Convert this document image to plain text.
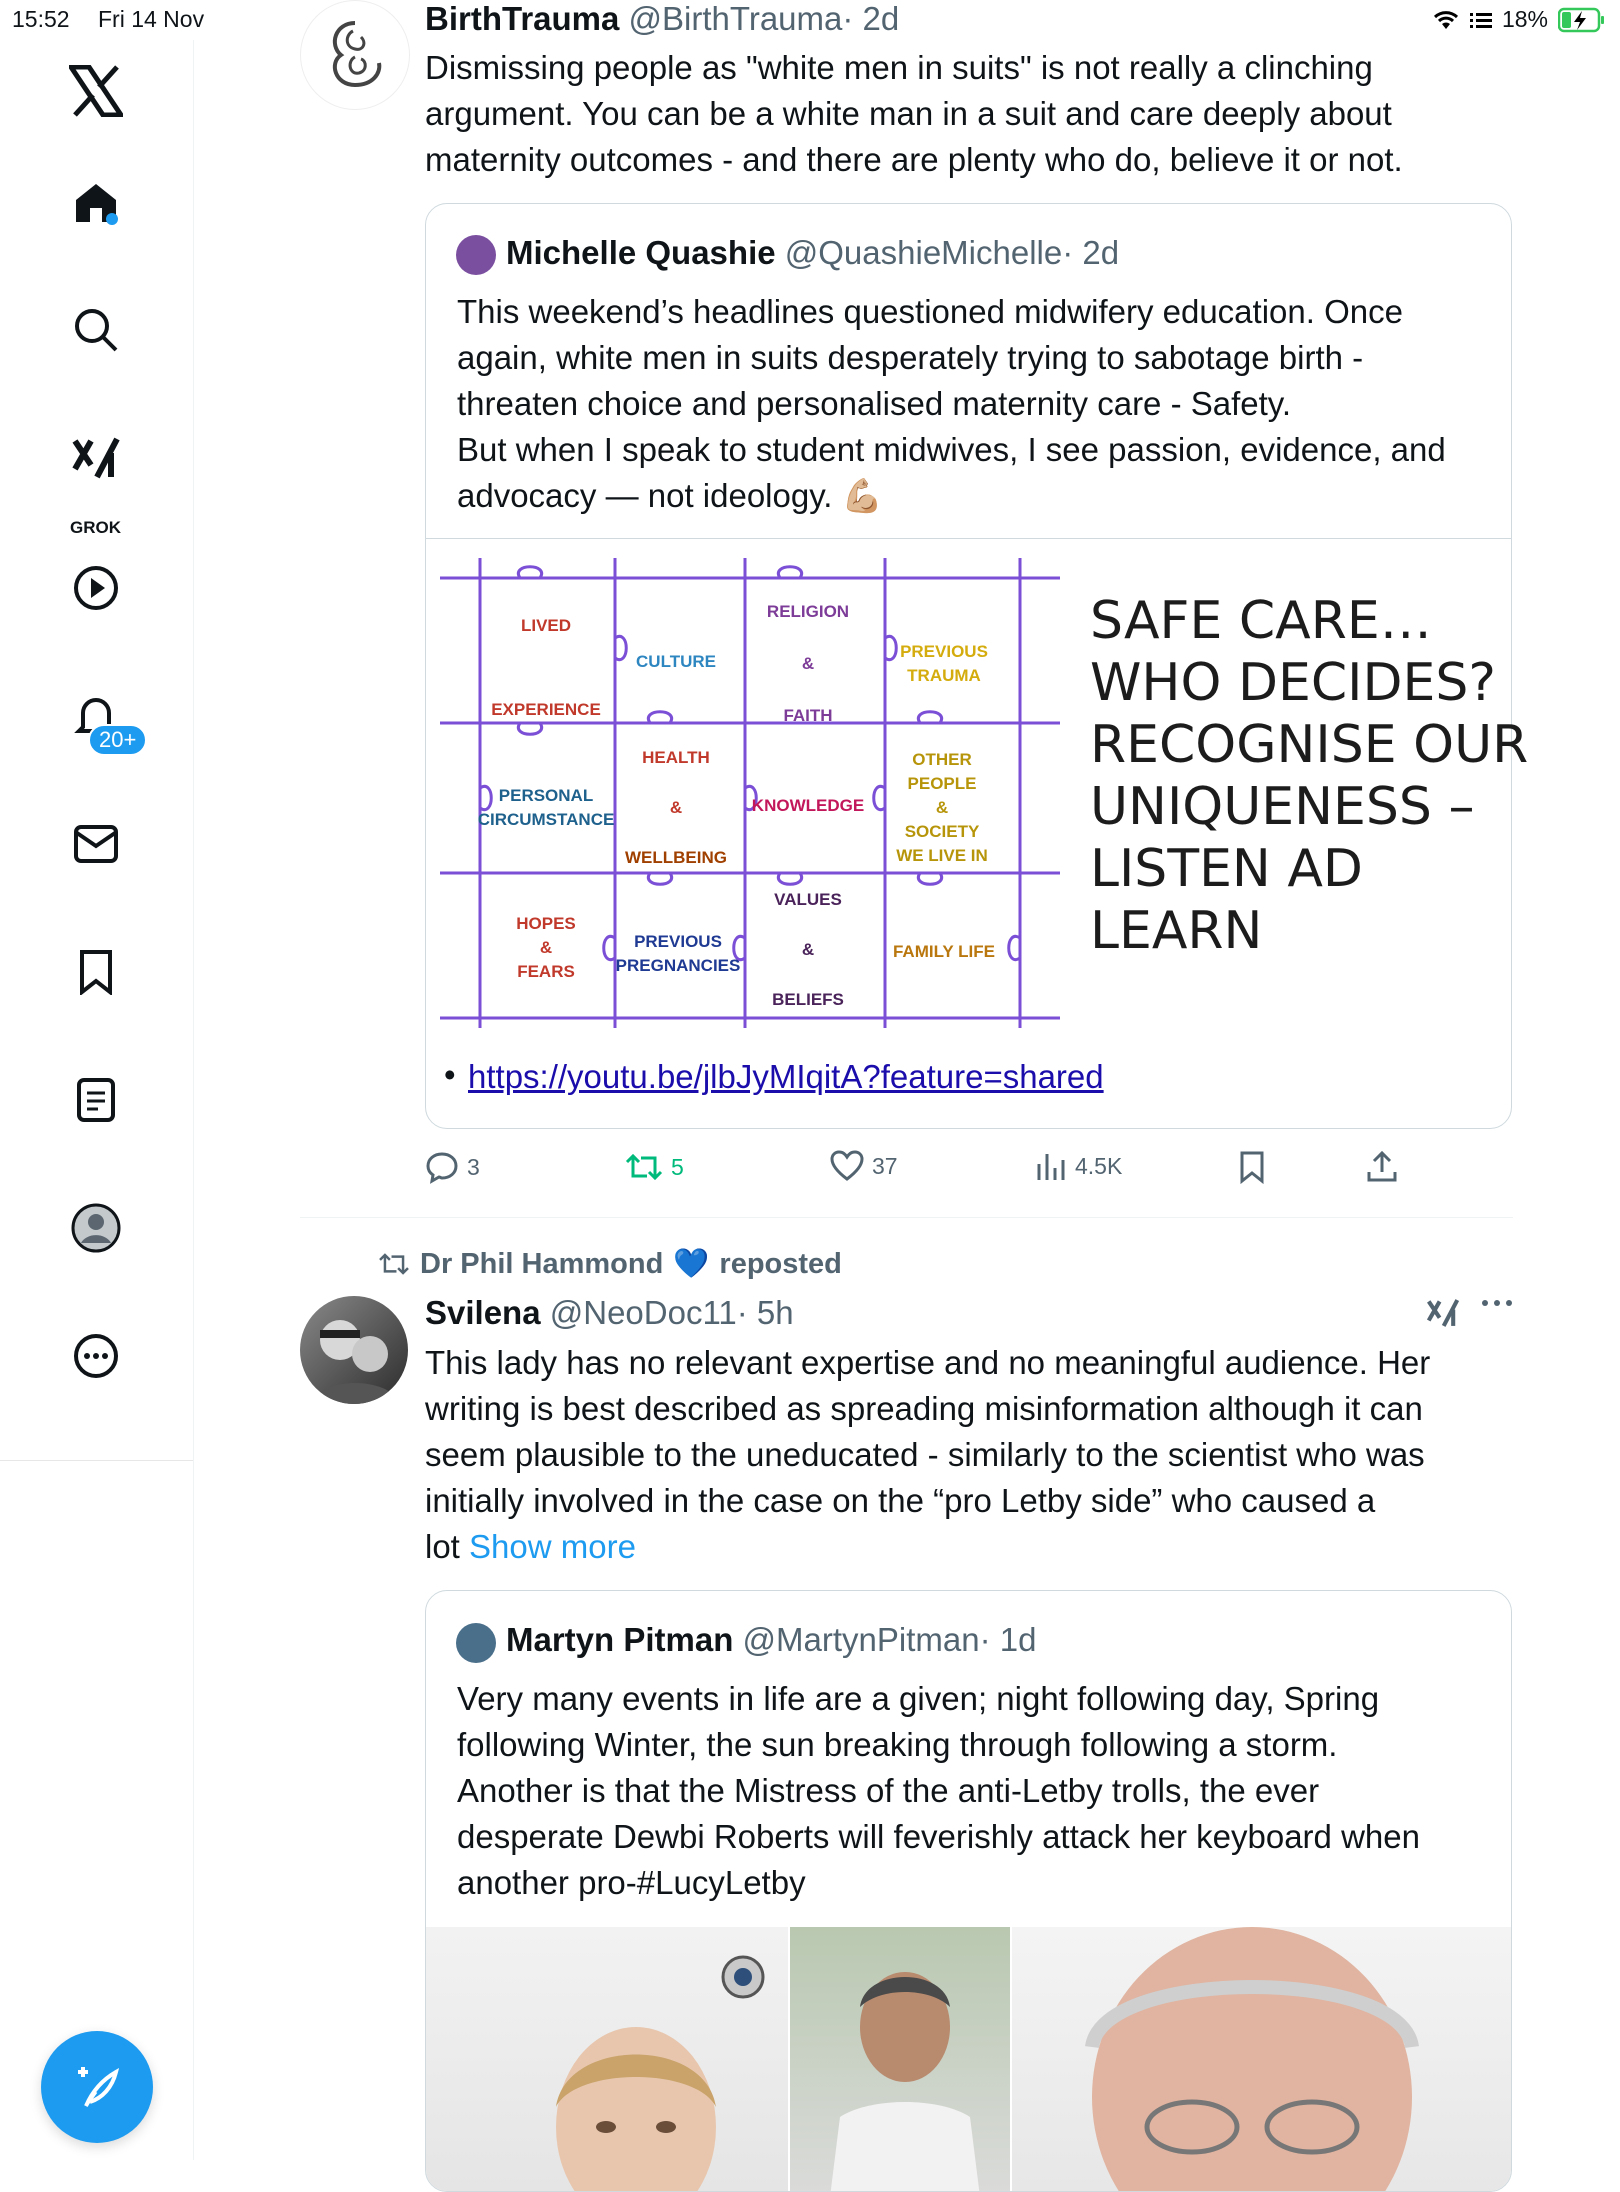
15:52 Fri 14 Nov	18%
GROK
20+
BirthTrauma @BirthTrauma· 2d
Dismissing people as "white men in suits" is not really a clinching argument. You can be a white man in a suit and care deeply about maternity outcomes - and there are plenty who do, believe it or not.
Michelle Quashie @QuashieMichelle· 2d
This weekend’s headlines questioned midwifery education. Once
again, white men in suits desperately trying to sabotage birth -
threaten choice and personalised maternity care - Safety.
But when I speak to student midwives, I see passion, evidence, and
advocacy — not ideology. 💪🏼
LIVED
EXPERIENCE
CULTURE
RELIGION
&
FAITH
PREVIOUS
TRAUMA
HEALTH
&
WELLBEING
PERSONAL
CIRCUMSTANCE
KNOWLEDGE
OTHER
PEOPLE
&
SOCIETY
WE LIVE IN
VALUES
&
BELIEFS
HOPES
&
FEARS
PREVIOUS
PREGNANCIES
FAMILY LIFE
SAFE CARE…
WHO DECIDES?
RECOGNISE OUR
UNIQUENESS –
LISTEN AD
LEARN
• https://youtu.be/jlbJyMIqitA?feature=shared
3	5	37	4.5K
Dr Phil Hammond 💙 reposted
Svilena @NeoDoc11· 5h
This lady has no relevant expertise and no meaningful audience. Her
writing is best described as spreading misinformation although it can
seem plausible to the uneducated - similarly to the scientist who was
initially involved in the case on the “pro Letby side” who caused a
lot Show more
Martyn Pitman @MartynPitman· 1d
Very many events in life are a given; night following day, Spring
following Winter, the sun breaking through following a storm.
Another is that the Mistress of the anti-Letby trolls, the ever
desperate Dewbi Roberts will feverishly attack her keyboard when
another pro-#LucyLetby
